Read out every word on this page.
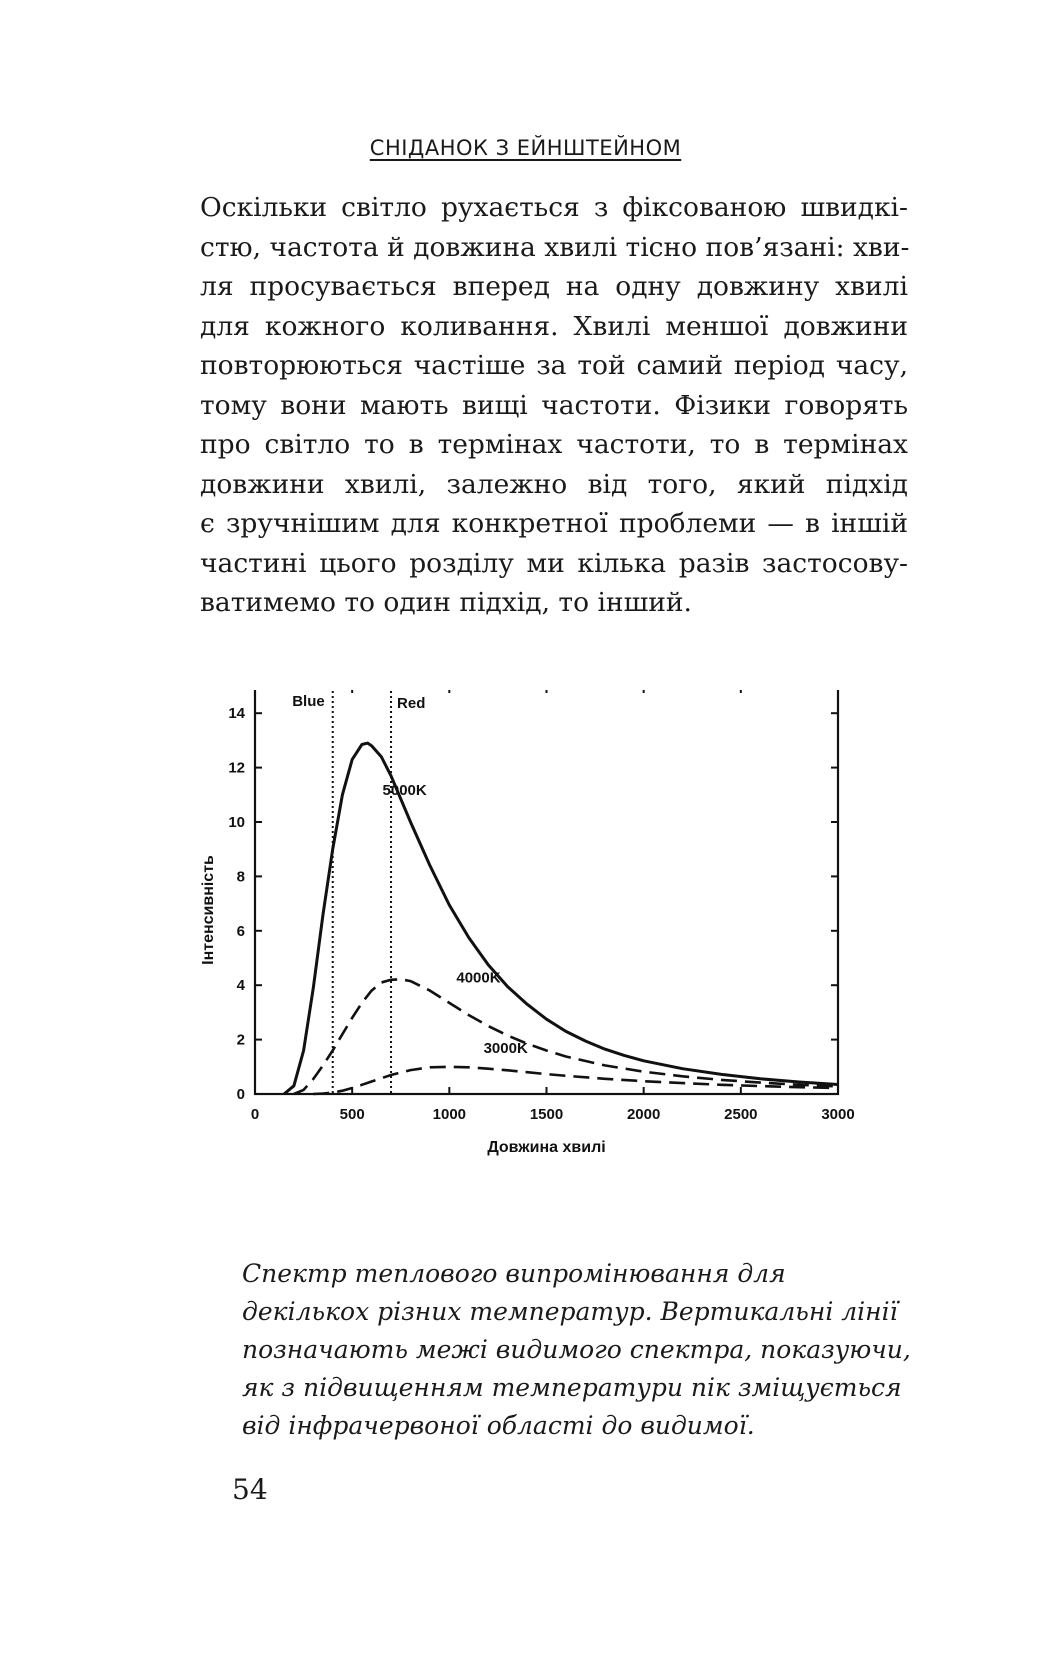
СНІДАНОК З ЕЙНШТЕЙНОМ
Оскільки світло рухається з фіксованою швидкі-
стю, частота й довжина хвилі тісно пов’язані: хви-
ля просувається вперед на одну довжину хвилі
для кожного коливання. Хвилі меншої довжини
повторюються частіше за той самий період часу,
тому вони мають вищі частоти. Фізики говорять
про світло то в термінах частоти, то в термінах
довжини хвилі, залежно від того, який підхід
є зручнішим для конкретної проблеми — в іншій
частині цього розділу ми кілька разів застосову-
ватимемо то один підхід, то інший.
0	500	1000	1500	2000	2500	3000
0
2
4
6
8
10
12
14
Довжина хвилі
Інтенсивність
Blue	Red
5000K
4000K
3000K
Спектр теплового випромінювання для
декількох різних температур. Вертикальні лінії
позначають межі видимого спектра, показуючи,
як з підвищенням температури пік зміщується
від інфрачервоної області до видимої.
54
